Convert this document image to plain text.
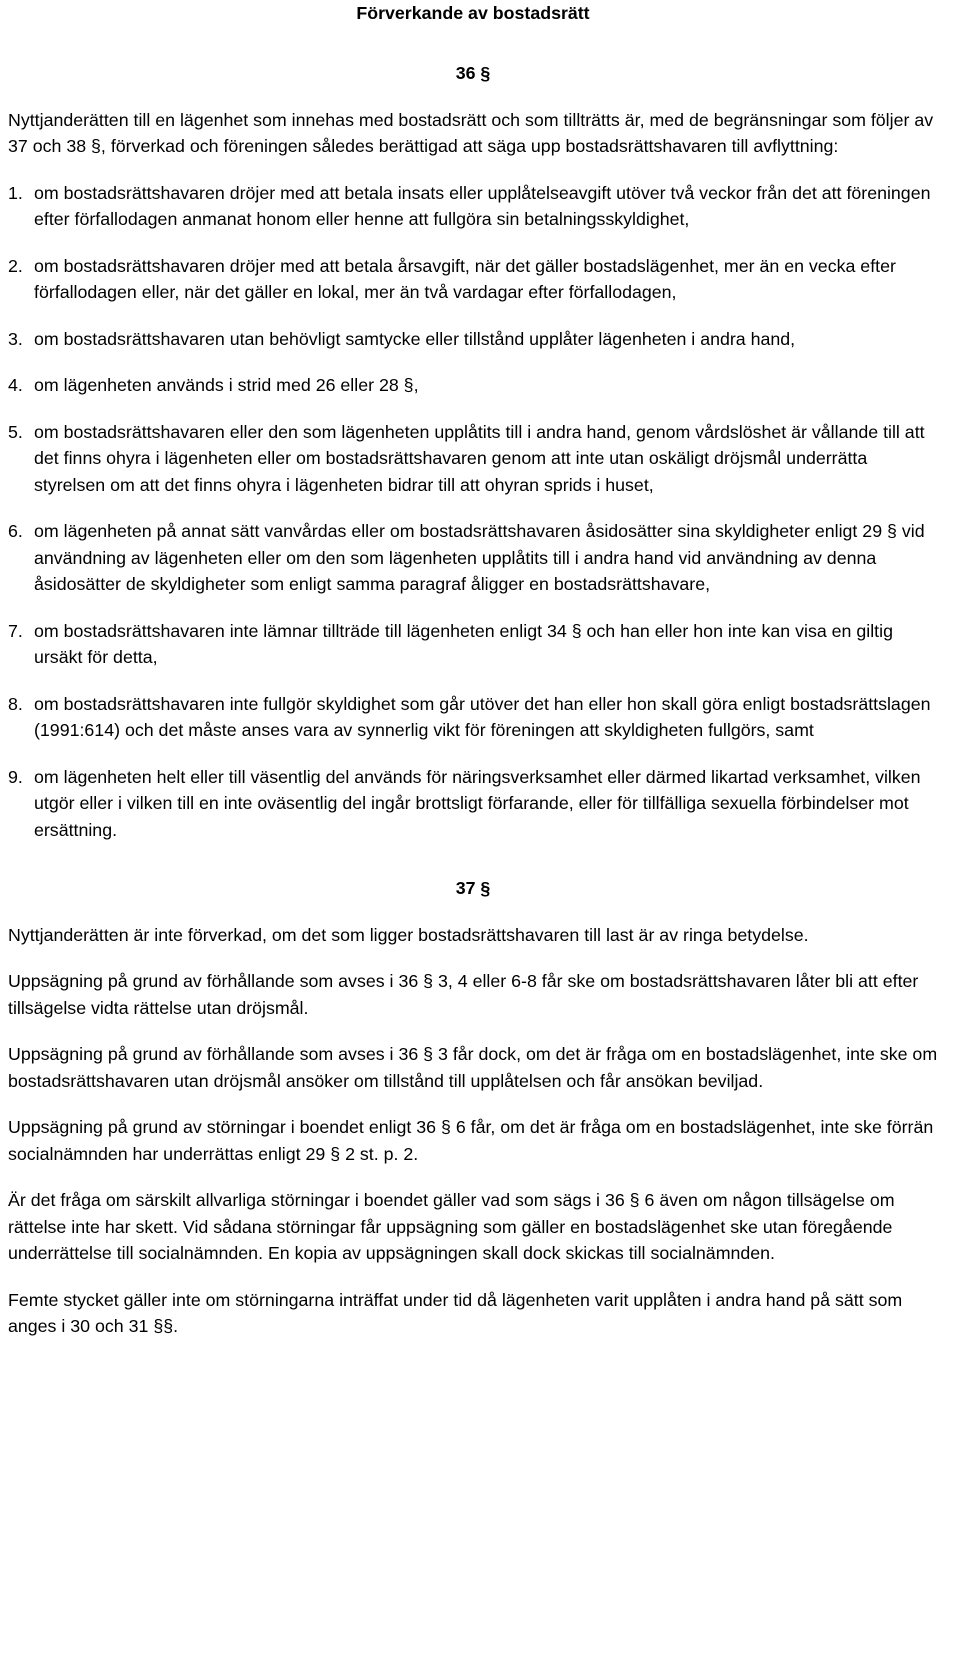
Förverkande av bostadsrätt
36 §

Nyttjanderätten till en lägenhet som innehas med bostadsrätt och som tillträtts är, med de begränsningar som följer av 37 och 38 §, förverkad och föreningen således berättigad att säga upp bostadsrättshavaren till avflyttning:

1. om bostadsrättshavaren dröjer med att betala insats eller upplåtelseavgift utöver två veckor från det att föreningen efter förfallodagen anmanat honom eller henne att fullgöra sin betalningsskyldighet,
2. om bostadsrättshavaren dröjer med att betala årsavgift, när det gäller bostadslägenhet, mer än en vecka efter förfallodagen eller, när det gäller en lokal, mer än två vardagar efter förfallodagen,
3. om bostadsrättshavaren utan behövligt samtycke eller tillstånd upplåter lägenheten i andra hand,
4. om lägenheten används i strid med 26 eller 28 §,
5. om bostadsrättshavaren eller den som lägenheten upplåtits till i andra hand, genom vårdslöshet är vållande till att det finns ohyra i lägenheten eller om bostadsrättshavaren genom att inte utan oskäligt dröjsmål underrätta styrelsen om att det finns ohyra i lägenheten bidrar till att ohyran sprids i huset,
6. om lägenheten på annat sätt vanvårdas eller om bostadsrättshavaren åsidosätter sina skyldigheter enligt 29 § vid användning av lägenheten eller om den som lägenheten upplåtits till i andra hand vid användning av denna åsidosätter de skyldigheter som enligt samma paragraf åligger en bostadsrättshavare,
7. om bostadsrättshavaren inte lämnar tillträde till lägenheten enligt 34 § och han eller hon inte kan visa en giltig ursäkt för detta,
8. om bostadsrättshavaren inte fullgör skyldighet som går utöver det han eller hon skall göra enligt bostadsrättslagen (1991:614) och det måste anses vara av synnerlig vikt för föreningen att skyldigheten fullgörs, samt
9. om lägenheten helt eller till väsentlig del används för näringsverksamhet eller därmed likartad verksamhet, vilken utgör eller i vilken till en inte oväsentlig del ingår brottsligt förfarande, eller för tillfälliga sexuella förbindelser mot ersättning.
37 §

Nyttjanderätten är inte förverkad, om det som ligger bostadsrättshavaren till last är av ringa betydelse.

Uppsägning på grund av förhållande som avses i 36 § 3, 4 eller 6-8 får ske om bostadsrättshavaren låter bli att efter tillsägelse vidta rättelse utan dröjsmål.

Uppsägning på grund av förhållande som avses i 36 § 3 får dock, om det är fråga om en bostadslägenhet, inte ske om bostadsrättshavaren utan dröjsmål ansöker om tillstånd till upplåtelsen och får ansökan beviljad.

Uppsägning på grund av störningar i boendet enligt 36 § 6 får, om det är fråga om en bostadslägenhet, inte ske förrän socialnämnden har underrättas enligt 29 § 2 st. p. 2.

Är det fråga om särskilt allvarliga störningar i boendet gäller vad som sägs i 36 § 6 även om någon tillsägelse om rättelse inte har skett. Vid sådana störningar får uppsägning som gäller en bostadslägenhet ske utan föregående underrättelse till socialnämnden. En kopia av uppsägningen skall dock skickas till socialnämnden.

Femte stycket gäller inte om störningarna inträffat under tid då lägenheten varit upplåten i andra hand på sätt som anges i 30 och 31 §§.
